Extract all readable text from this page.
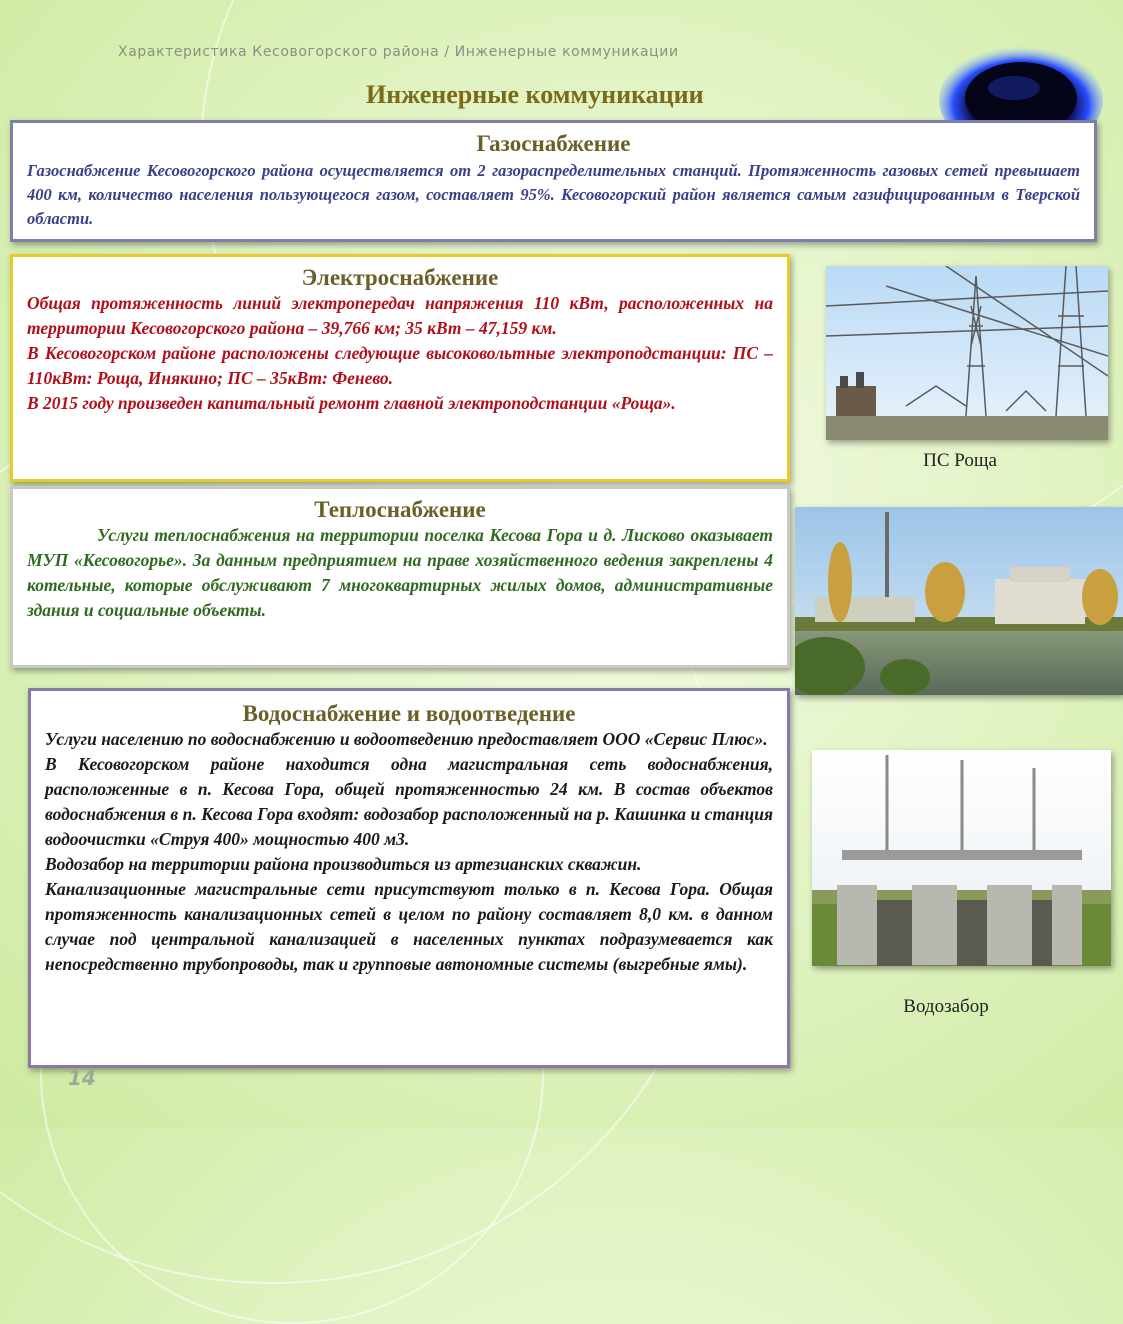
Характеристика Кесовогорского района / Инженерные коммуникации
Инженерные коммуникации
Газоснабжение

Газоснабжение Кесовогорского района осуществляется от 2 газораспределительных станций. Протяженность газовых сетей превышает 400 км, количество населения пользующегося газом, составляет 95%. Кесовогорский район является самым газифицированным в Тверской области.

Электроснабжение

Общая протяженность линий электропередач напряжения 110 кВт, расположенных на территории Кесовогорского района – 39,766 км; 35 кВт – 47,159 км.

В Кесовогорском районе расположены следующие высоковольтные электроподстанции: ПС – 110кВт: Роща, Инякино; ПС – 35кВт: Фенево.

В 2015 году произведен капитальный ремонт главной электроподстанции «Роща».

Теплоснабжение

Услуги теплоснабжения на территории поселка Кесова Гора и д. Лисково оказывает МУП «Кесовогорье». За данным предприятием на праве хозяйственного ведения закреплены 4 котельные, которые обслуживают 7 многоквартирных жилых домов, административные здания и социальные объекты.

Водоснабжение и водоотведение

Услуги населению по водоснабжению и водоотведению предоставляет ООО «Сервис Плюс».

В Кесовогорском районе находится одна магистральная сеть водоснабжения, расположенные в п. Кесова Гора, общей протяженностью 24 км. В состав объектов водоснабжения в п. Кесова Гора входят: водозабор расположенный на р. Кашинка и станция водоочистки «Струя 400» мощностью 400 м3.

Водозабор на территории района производиться из артезианских скважин.

Канализационные магистральные сети присутствуют только в п. Кесова Гора. Общая протяженность канализационных сетей в целом по району составляет 8,0 км. в данном случае под центральной канализацией в населенных пунктах подразумевается как непосредственно трубопроводы, так и групповые автономные системы (выгребные ямы).

ПС Роща
Водозабор
14
